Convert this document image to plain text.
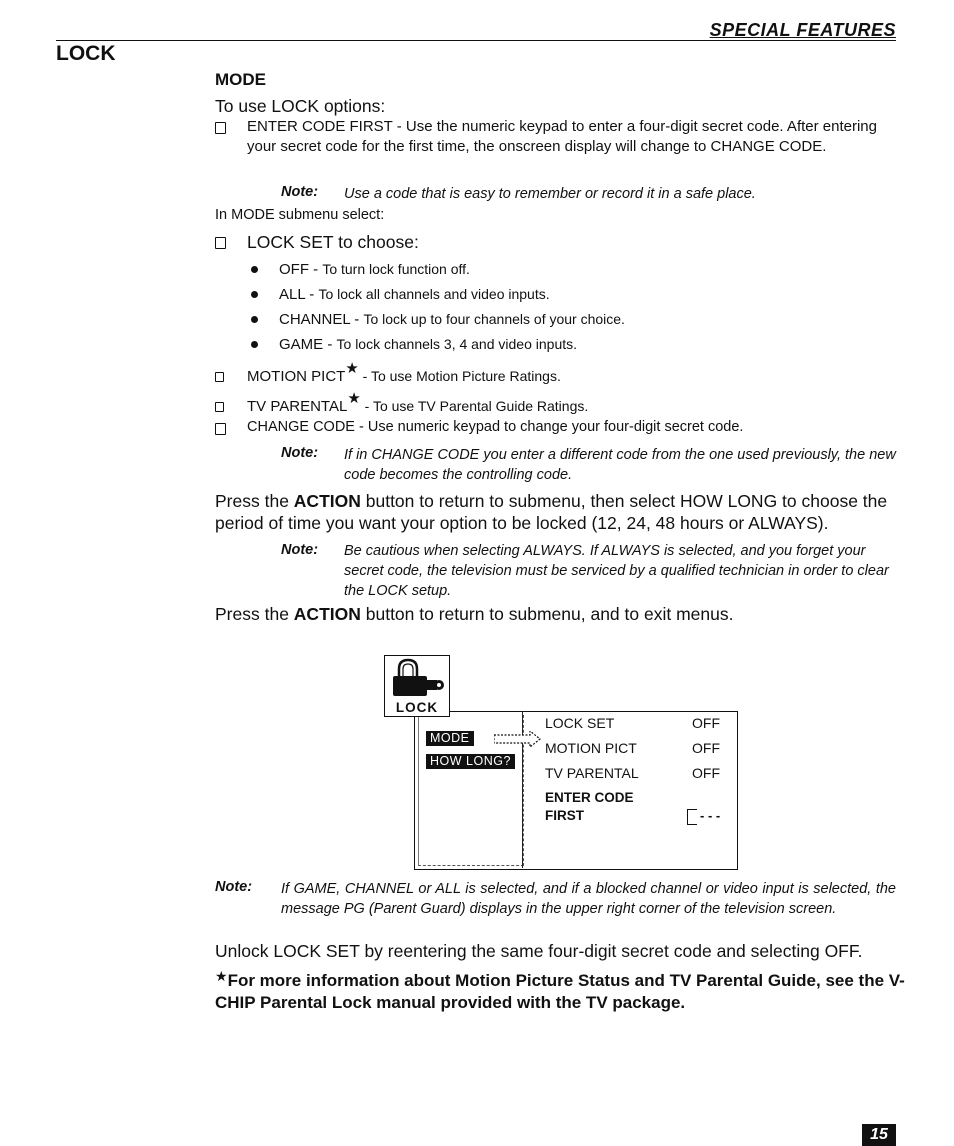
SPECIAL FEATURES
LOCK
MODE
To use LOCK options:
ENTER CODE FIRST - Use the numeric keypad to enter a four-digit secret code. After entering your secret code for the first time, the onscreen display will change to CHANGE CODE.
Note: Use a code that is easy to remember or record it in a safe place.
In MODE submenu select:
LOCK SET to choose:
OFF - To turn lock function off.
ALL - To lock all channels and video inputs.
CHANNEL - To lock up to four channels of your choice.
GAME - To lock channels 3, 4 and video inputs.
MOTION PICT★ - To use Motion Picture Ratings.
TV PARENTAL★ - To use TV Parental Guide Ratings.
CHANGE CODE - Use numeric keypad to change your four-digit secret code.
Note: If in CHANGE CODE you enter a different code from the one used previously, the new code becomes the controlling code.
Press the ACTION button to return to submenu, then select HOW LONG to choose the period of time you want your option to be locked (12, 24, 48 hours or ALWAYS).
Note: Be cautious when selecting ALWAYS. If ALWAYS is selected, and you forget your secret code, the television must be serviced by a qualified technician in order to clear the LOCK setup.
Press the ACTION button to return to submenu, and to exit menus.
LOCK
MODE
HOW LONG?
LOCK SET	OFF
MOTION PICT	OFF
TV PARENTAL	OFF
ENTER CODE
FIRST	- - -
Note: If GAME, CHANNEL or ALL is selected, and if a blocked channel or video input is selected, the message PG (Parent Guard) displays in the upper right corner of the television screen.
Unlock LOCK SET by reentering the same four-digit secret code and selecting OFF.
★For more information about Motion Picture Status and TV Parental Guide, see the V-CHIP Parental Lock manual provided with the TV package.
15
